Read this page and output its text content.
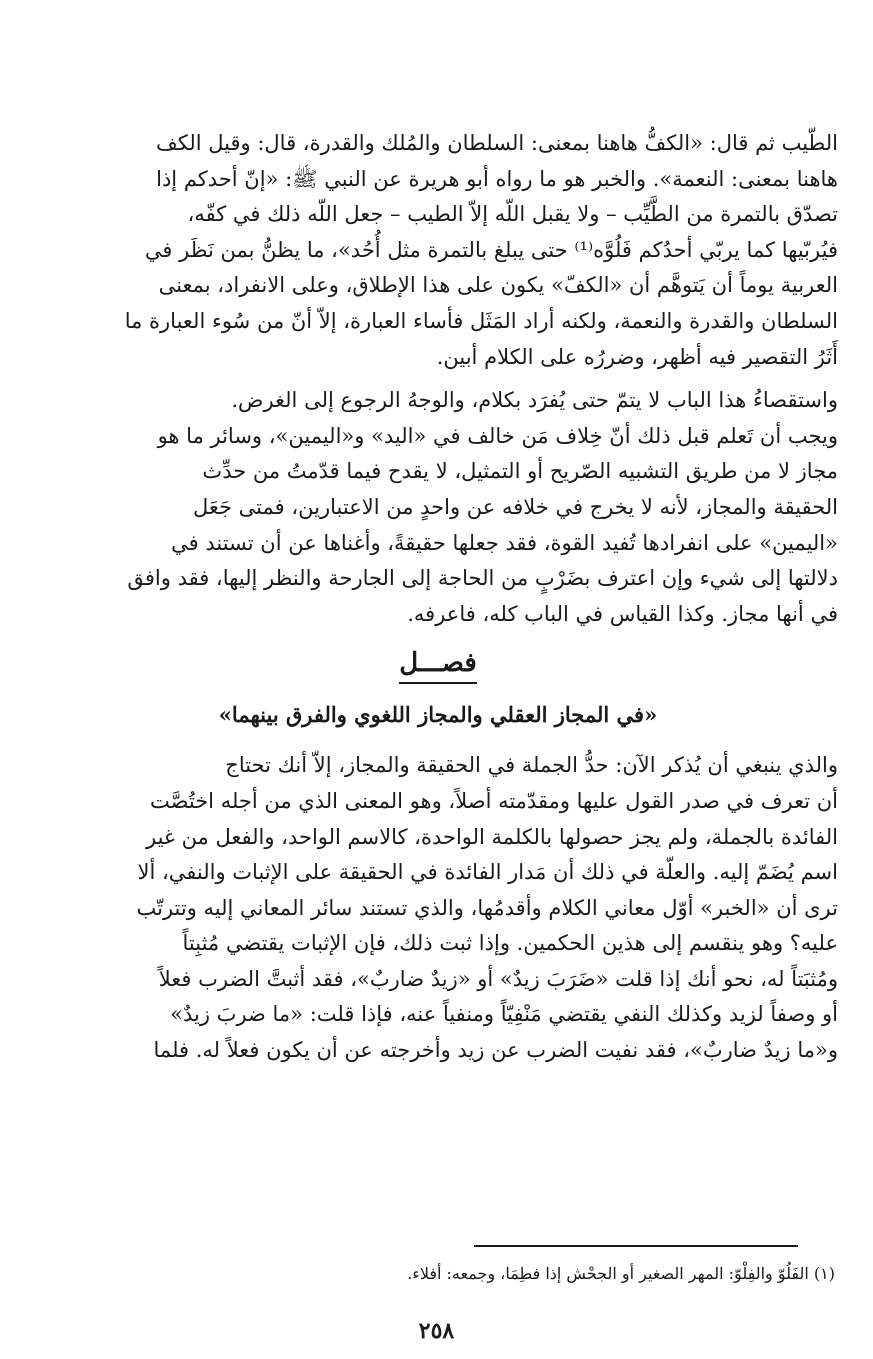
الطّيب ثم قال: «الكفُّ هاهنا بمعنى: السلطان والمُلك والقدرة، قال: وقيل الكف

هاهنا بمعنى: النعمة». والخبر هو ما رواه أبو هريرة عن النبي ﷺ: «إنّ أحدكم إذا

تصدّق بالتمرة من الطَّيِّب – ولا يقبل اللّه إلاّ الطيب – جعل اللّه ذلك في كفّه،

فيُربّيها كما يربّي أحدُكم فَلُوَّه⁽¹⁾ حتى يبلغ بالتمرة مثل أُحُد»، ما يظنُّ بمن نَظَر في

العربية يوماً أن يَتوهَّم أن «الكفّ» يكون على هذا الإطلاق، وعلى الانفراد، بمعنى

السلطان والقدرة والنعمة، ولكنه أراد المَثَل فأساء العبارة، إلاّ أنّ من سُوء العبارة ما

أَثَرُ التقصير فيه أظهر، وضررُه على الكلام أبين.

واستقصاءُ هذا الباب لا يتمّ حتى يُفرَد بكلام، والوجهُ الرجوع إلى الغرض.

ويجب أن تَعلم قبل ذلك أنّ خِلاف مَن خالف في «اليد» و«اليمين»، وسائر ما هو

مجاز لا من طريق التشبيه الصّريح أو التمثيل، لا يقدح فيما قدّمتُ من حدِّث

الحقيقة والمجاز، لأنه لا يخرج في خلافه عن واحدٍ من الاعتبارين، فمتى جَعَل

«اليمين» على انفرادها تُفيد القوة، فقد جعلها حقيقةً، وأغناها عن أن تستند في

دلالتها إلى شيء وإن اعترف بضَرْبٍ من الحاجة إلى الجارحة والنظر إليها، فقد وافق

في أنها مجاز. وكذا القياس في الباب كله، فاعرفه.

فصـــل
«في المجاز العقلي والمجاز اللغوي والفرق بينهما»

والذي ينبغي أن يُذكر الآن: حدُّ الجملة في الحقيقة والمجاز، إلاّ أنك تحتاج

أن تعرف في صدر القول عليها ومقدّمته أصلاً، وهو المعنى الذي من أجله اختُصَّت

الفائدة بالجملة، ولم يجز حصولها بالكلمة الواحدة، كالاسم الواحد، والفعل من غير

اسم يُضَمّ إليه. والعلّة في ذلك أن مَدار الفائدة في الحقيقة على الإثبات والنفي، ألا

ترى أن «الخبر» أوّل معاني الكلام وأقدمُها، والذي تستند سائر المعاني إليه وتترتّب

عليه؟ وهو ينقسم إلى هذين الحكمين. وإذا ثبت ذلك، فإن الإثبات يقتضي مُثبِتاً

ومُثبَتاً له، نحو أنك إذا قلت «ضَرَبَ زيدٌ» أو «زيدٌ ضاربٌ»، فقد أثبتَّ الضرب فعلاً

أو وصفاً لزيد وكذلك النفي يقتضي مَنْفِيّاً ومنفياً عنه، فإذا قلت: «ما ضربَ زيدٌ»

و«ما زيدٌ ضاربٌ»، فقد نفيت الضرب عن زيد وأخرجته عن أن يكون فعلاً له. فلما

(١) الفَلُوّ والفِلْوّ: المهر الصغير أو الجحْش إذا فطِمَا، وجمعه: أفلاء.
٢٥٨
